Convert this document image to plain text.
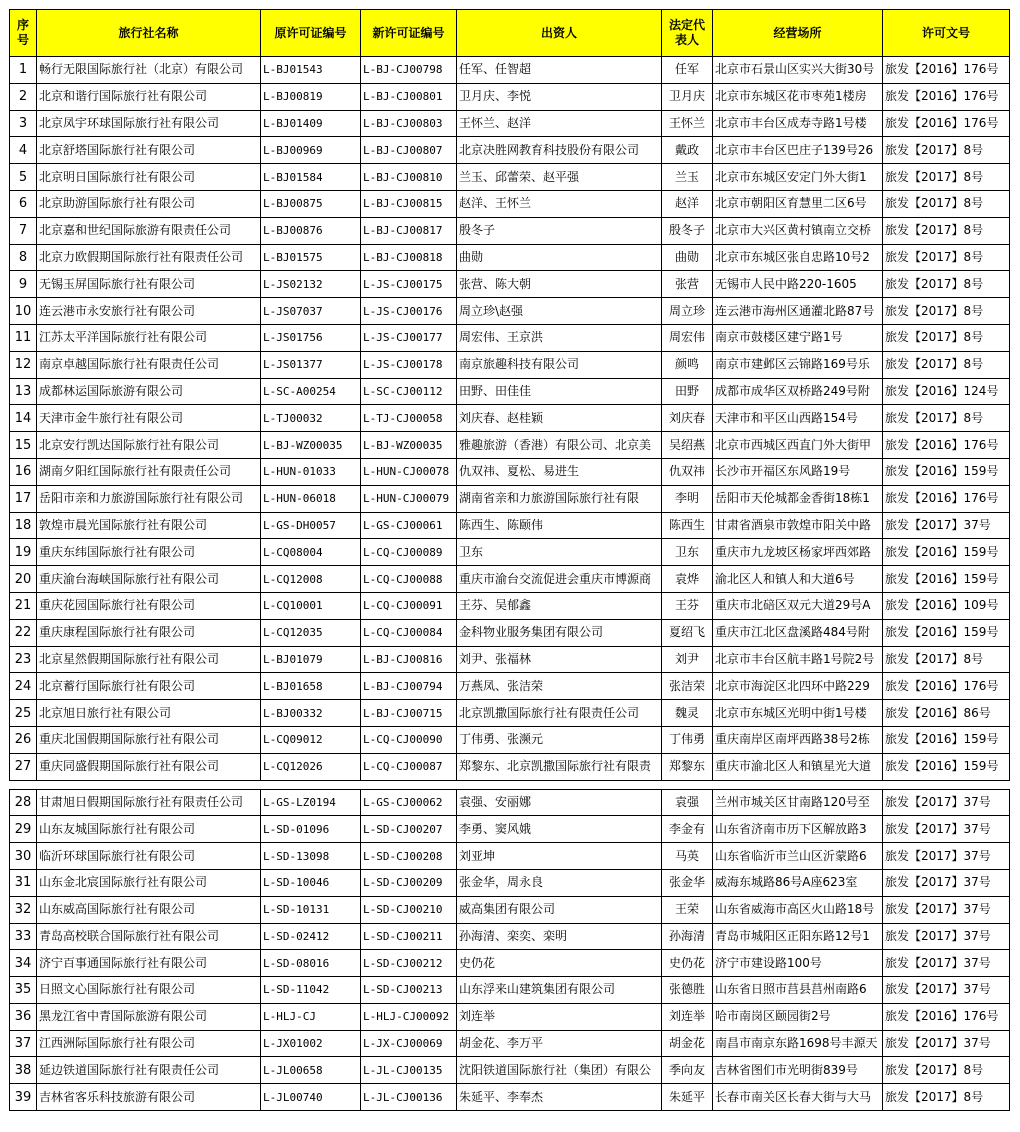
序号	旅行社名称	原许可证编号	新许可证编号	出资人	法定代表人	经营场所	许可文号
1	畅行无限国际旅行社（北京）有限公司	L-BJ01543	L-BJ-CJ00798	任军、任智超	任军	北京市石景山区实兴大街30号	旅发【2016】176号
2	北京和谐行国际旅行社有限公司	L-BJ00819	L-BJ-CJ00801	卫月庆、李悦	卫月庆	北京市东城区花市枣苑1楼房	旅发【2016】176号
3	北京凤宇环球国际旅行社有限公司	L-BJ01409	L-BJ-CJ00803	王怀兰、赵洋	王怀兰	北京市丰台区成寿寺路1号楼	旅发【2016】176号
4	北京舒塔国际旅行社有限公司	L-BJ00969	L-BJ-CJ00807	北京决胜网教育科技股份有限公司	戴政	北京市丰台区巴庄子139号26	旅发【2017】8号
5	北京明日国际旅行社有限公司	L-BJ01584	L-BJ-CJ00810	兰玉、邱蕾荣、赵平强	兰玉	北京市东城区安定门外大街1	旅发【2017】8号
6	北京助游国际旅行社有限公司	L-BJ00875	L-BJ-CJ00815	赵洋、王怀兰	赵洋	北京市朝阳区育慧里二区6号	旅发【2017】8号
7	北京嘉和世纪国际旅游有限责任公司	L-BJ00876	L-BJ-CJ00817	殷冬子	殷冬子	北京市大兴区黄村镇南立交桥	旅发【2017】8号
8	北京力欧假期国际旅行社有限责任公司	L-BJ01575	L-BJ-CJ00818	曲勋	曲勋	北京市东城区张自忠路10号2	旅发【2017】8号
9	无锡玉屏国际旅行社有限公司	L-JS02132	L-JS-CJ00175	张营、陈大朝	张营	无锡市人民中路220-1605	旅发【2017】8号
10	连云港市永安旅行社有限公司	L-JS07037	L-JS-CJ00176	周立珍\赵强	周立珍	连云港市海州区通灌北路87号	旅发【2017】8号
11	江苏太平洋国际旅行社有限公司	L-JS01756	L-JS-CJ00177	周宏伟、王京洪	周宏伟	南京市鼓楼区建宁路1号	旅发【2017】8号
12	南京卓越国际旅行社有限责任公司	L-JS01377	L-JS-CJ00178	南京旅趣科技有限公司	颜鸣	南京市建邺区云锦路169号乐	旅发【2017】8号
13	成都林运国际旅游有限公司	L-SC-A00254	L-SC-CJ00112	田野、田佳佳	田野	成都市成华区双桥路249号附	旅发【2016】124号
14	天津市金牛旅行社有限公司	L-TJ00032	L-TJ-CJ00058	刘庆春、赵桂颖	刘庆春	天津市和平区山西路154号	旅发【2017】8号
15	北京安行凯达国际旅行社有限公司	L-BJ-WZ00035	L-BJ-WZ00035	雅趣旅游（香港）有限公司、北京美	吴绍燕	北京市西城区西直门外大街甲	旅发【2016】176号
16	湖南夕阳红国际旅行社有限责任公司	L-HUN-01033	L-HUN-CJ00078	仇双祎、夏松、易进生	仇双祎	长沙市开福区东风路19号	旅发【2016】159号
17	岳阳市亲和力旅游国际旅行社有限公司	L-HUN-06018	L-HUN-CJ00079	湖南省亲和力旅游国际旅行社有限	李明	岳阳市天伦城都金香街18栋1	旅发【2016】176号
18	敦煌市晨光国际旅行社有限公司	L-GS-DH0057	L-GS-CJ00061	陈西生、陈颐伟	陈西生	甘肃省酒泉市敦煌市阳关中路	旅发【2017】37号
19	重庆东纬国际旅行社有限公司	L-CQ08004	L-CQ-CJ00089	卫东	卫东	重庆市九龙坡区杨家坪西郊路	旅发【2016】159号
20	重庆渝台海峡国际旅行社有限公司	L-CQ12008	L-CQ-CJ00088	重庆市渝台交流促进会重庆市博源商	袁烨	渝北区人和镇人和大道6号	旅发【2016】159号
21	重庆花园国际旅行社有限公司	L-CQ10001	L-CQ-CJ00091	王芬、吴郁鑫	王芬	重庆市北碚区双元大道29号A	旅发【2016】109号
22	重庆康程国际旅行社有限公司	L-CQ12035	L-CQ-CJ00084	金科物业服务集团有限公司	夏绍飞	重庆市江北区盘溪路484号附	旅发【2016】159号
23	北京星然假期国际旅行社有限公司	L-BJ01079	L-BJ-CJ00816	刘尹、张福林	刘尹	北京市丰台区航丰路1号院2号	旅发【2017】8号
24	北京蓄行国际旅行社有限公司	L-BJ01658	L-BJ-CJ00794	万燕凤、张洁荣	张洁荣	北京市海淀区北四环中路229	旅发【2016】176号
25	北京旭日旅行社有限公司	L-BJ00332	L-BJ-CJ00715	北京凯撒国际旅行社有限责任公司	魏灵	北京市东城区光明中街1号楼	旅发【2016】86号
26	重庆北国假期国际旅行社有限公司	L-CQ09012	L-CQ-CJ00090	丁伟勇、张濒元	丁伟勇	重庆南岸区南坪西路38号2栋	旅发【2016】159号
27	重庆同盛假期国际旅行社有限公司	L-CQ12026	L-CQ-CJ00087	郑黎东、北京凯撒国际旅行社有限责	郑黎东	重庆市渝北区人和镇星光大道	旅发【2016】159号

28	甘肃旭日假期国际旅行社有限责任公司	L-GS-LZ0194	L-GS-CJ00062	袁强、安丽娜	袁强	兰州市城关区甘南路120号至	旅发【2017】37号
29	山东友城国际旅行社有限公司	L-SD-01096	L-SD-CJ00207	李勇、窦风娥	李金有	山东省济南市历下区解放路3	旅发【2017】37号
30	临沂环球国际旅行社有限公司	L-SD-13098	L-SD-CJ00208	刘亚坤	马英	山东省临沂市兰山区沂蒙路6	旅发【2017】37号
31	山东金北宸国际旅行社有限公司	L-SD-10046	L-SD-CJ00209	张金华，周永良	张金华	威海东城路86号A座623室	旅发【2017】37号
32	山东威高国际旅行社有限公司	L-SD-10131	L-SD-CJ00210	威高集团有限公司	王荣	山东省威海市高区火山路18号	旅发【2017】37号
33	青岛高校联合国际旅行社有限公司	L-SD-02412	L-SD-CJ00211	孙海清、栾奕、栾明	孙海清	青岛市城阳区正阳东路12号1	旅发【2017】37号
34	济宁百事通国际旅行社有限公司	L-SD-08016	L-SD-CJ00212	史仍花	史仍花	济宁市建设路100号	旅发【2017】37号
35	日照文心国际旅行社有限公司	L-SD-11042	L-SD-CJ00213	山东浮来山建筑集团有限公司	张德胜	山东省日照市莒县莒州南路6	旅发【2017】37号
36	黑龙江省中青国际旅游有限公司	L-HLJ-CJ	L-HLJ-CJ00092	刘连举	刘连举	哈市南岗区颐园街2号	旅发【2016】176号
37	江西洲际国际旅行社有限公司	L-JX01002	L-JX-CJ00069	胡金花、李万平	胡金花	南昌市南京东路1698号丰源天	旅发【2017】37号
38	延边铁道国际旅行社有限责任公司	L-JL00658	L-JL-CJ00135	沈阳铁道国际旅行社（集团）有限公	季向友	吉林省图们市光明街839号	旅发【2017】8号
39	吉林省客乐科技旅游有限公司	L-JL00740	L-JL-CJ00136	朱延平、李奉杰	朱延平	长春市南关区长春大街与大马	旅发【2017】8号
